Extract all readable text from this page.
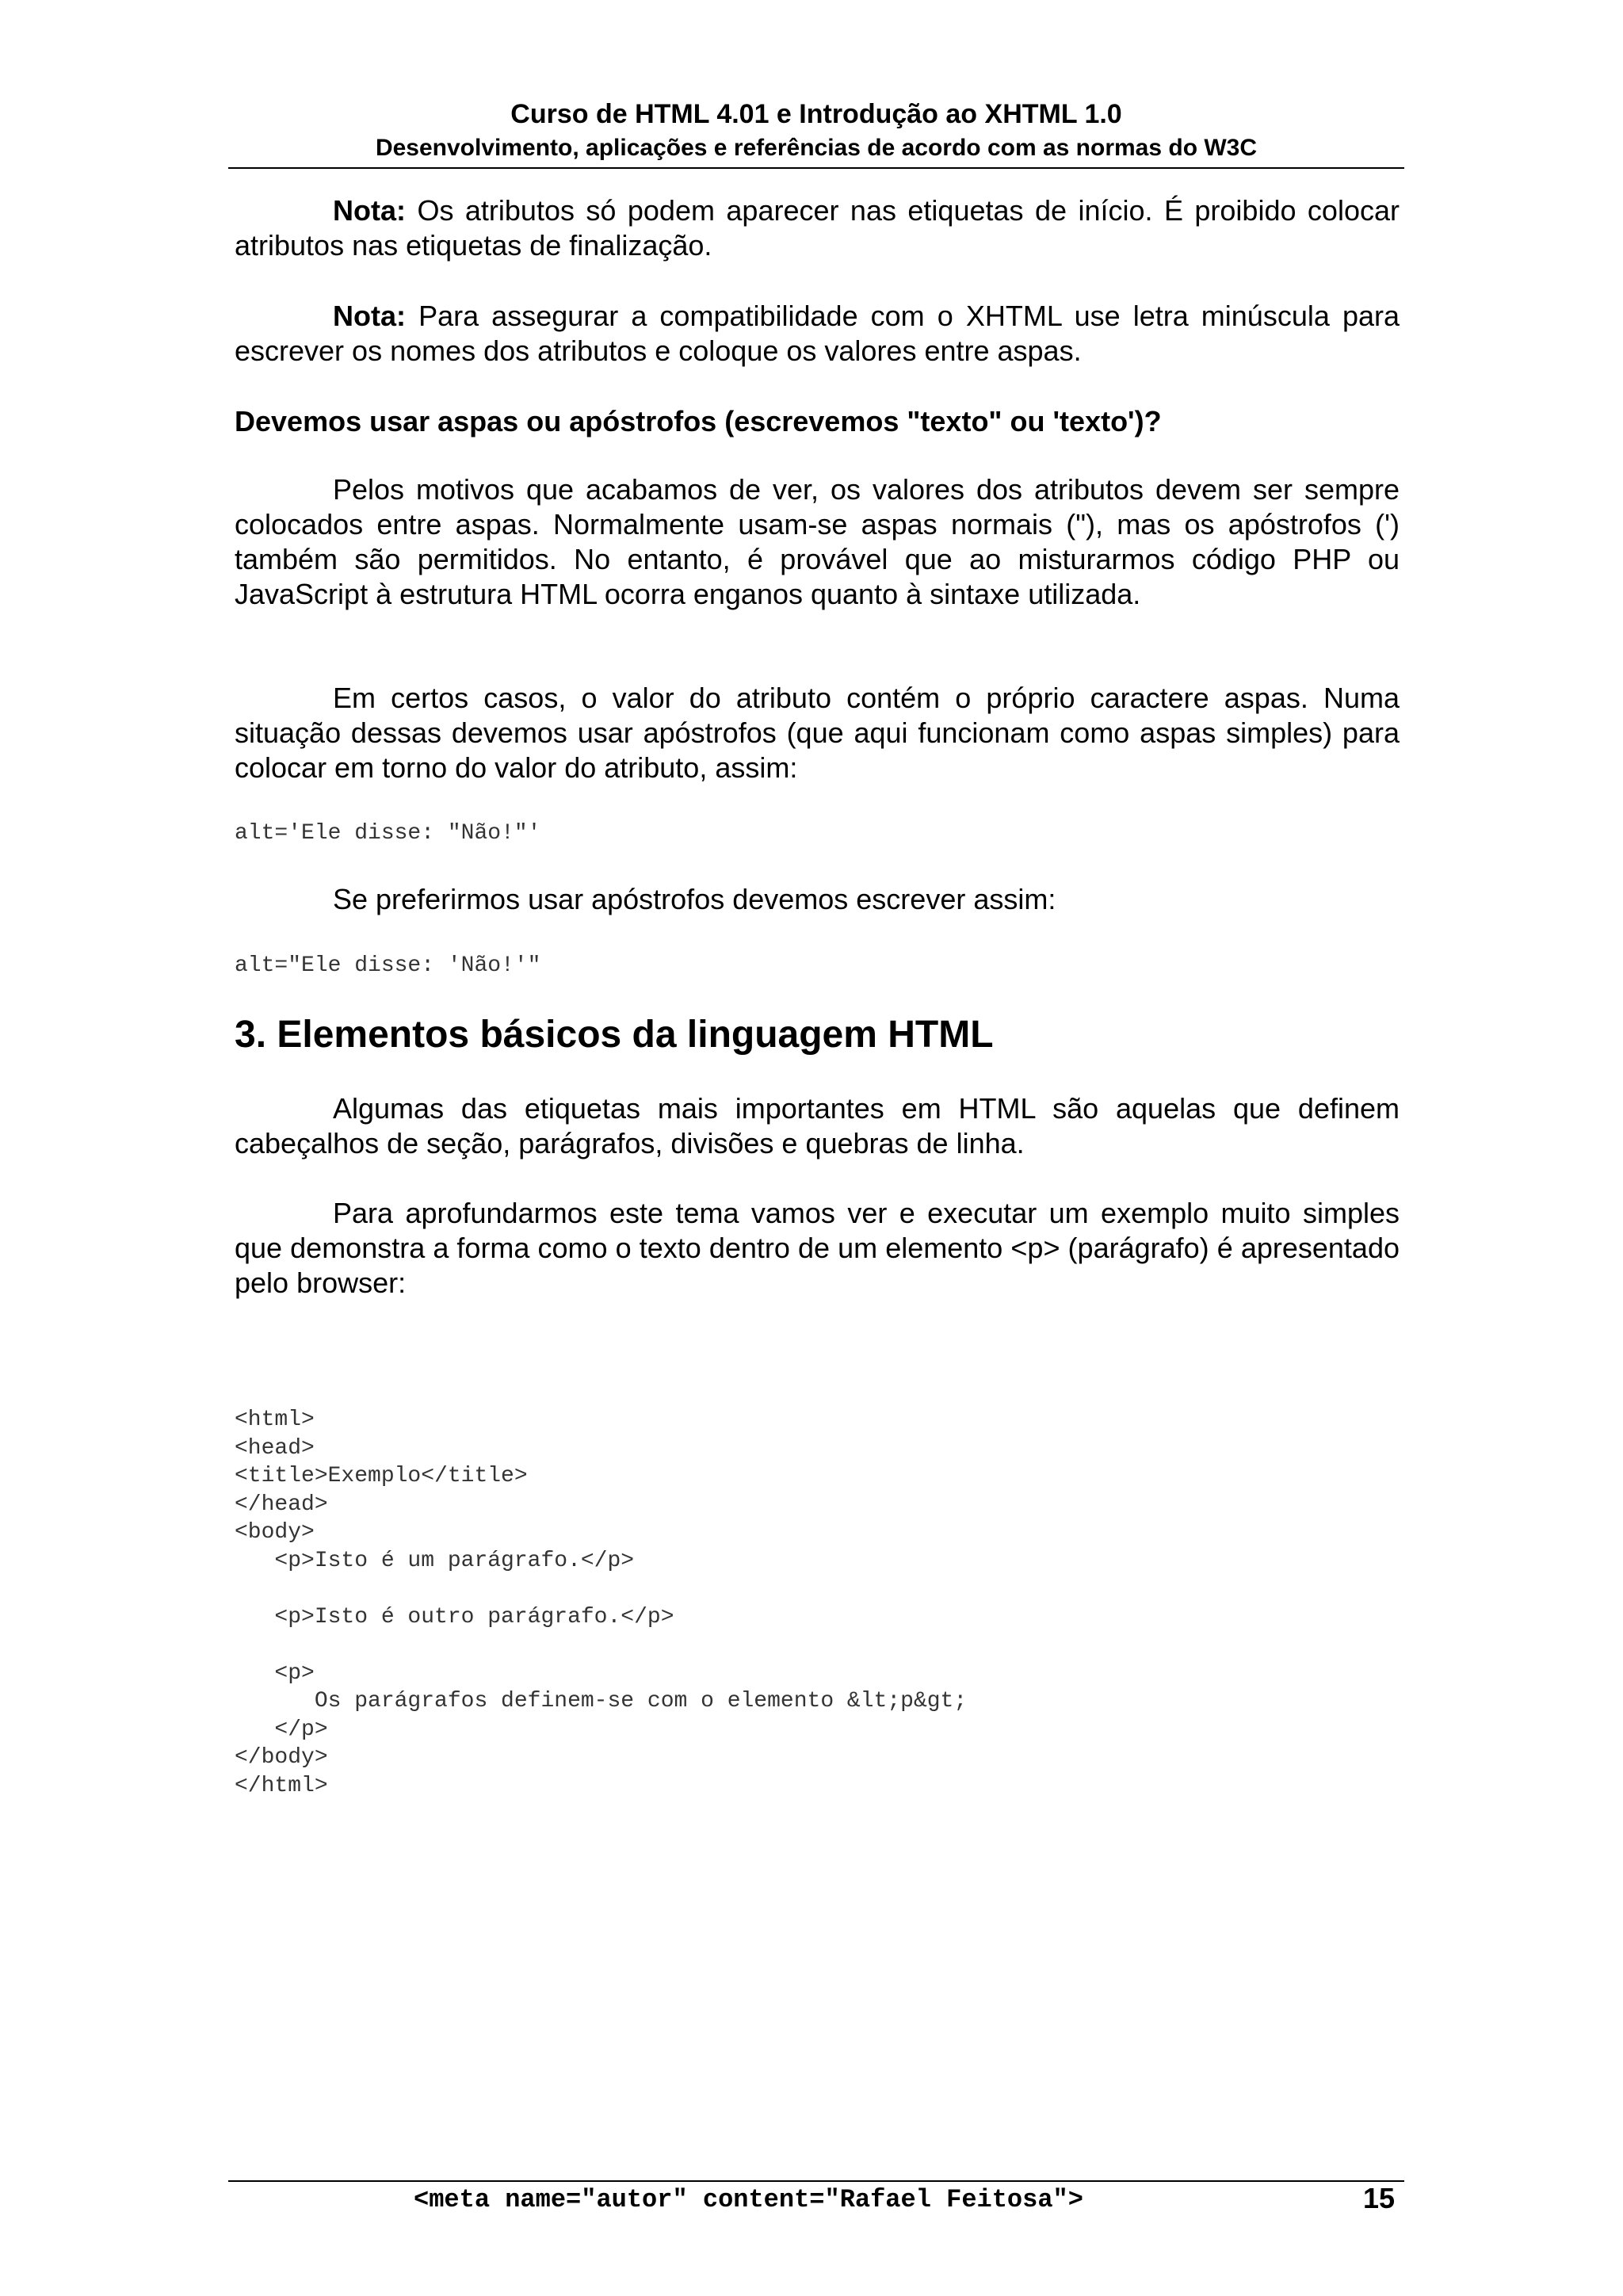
Curso de HTML 4.01 e Introdução ao XHTML 1.0
Desenvolvimento, aplicações e referências de acordo com as normas do W3C
Nota: Os atributos só podem aparecer nas etiquetas de início. É proibido colocar atributos nas etiquetas de finalização.
Nota: Para assegurar a compatibilidade com o XHTML use letra minúscula para escrever os nomes dos atributos e coloque os valores entre aspas.
Devemos usar aspas ou apóstrofos (escrevemos "texto" ou 'texto')?
Pelos motivos que acabamos de ver, os valores dos atributos devem ser sempre colocados entre aspas. Normalmente usam-se aspas normais ("), mas os apóstrofos (') também são permitidos. No entanto, é provável que ao misturarmos código PHP ou JavaScript à estrutura HTML ocorra enganos quanto à sintaxe utilizada.
Em certos casos, o valor do atributo contém o próprio caractere aspas. Numa situação dessas devemos usar apóstrofos (que aqui funcionam como aspas simples) para colocar em torno do valor do atributo, assim:
alt='Ele disse: "Não!"'
Se preferirmos usar apóstrofos devemos escrever assim:
alt="Ele disse: 'Não!'"
3. Elementos básicos da linguagem HTML
Algumas das etiquetas mais importantes em HTML são aquelas que definem cabeçalhos de seção, parágrafos, divisões e quebras de linha.
Para aprofundarmos este tema vamos ver e executar um exemplo muito simples que demonstra a forma como o texto dentro de um elemento <p> (parágrafo) é apresentado pelo browser:
<html>
<head>
<title>Exemplo</title>
</head>
<body>
<p>Isto é um parágrafo.</p>
<p>Isto é outro parágrafo.</p>
<p>
Os parágrafos definem-se com o elemento &lt;p&gt;
</p>
</body>
</html>
<meta name="autor" content="Rafael Feitosa">	15
